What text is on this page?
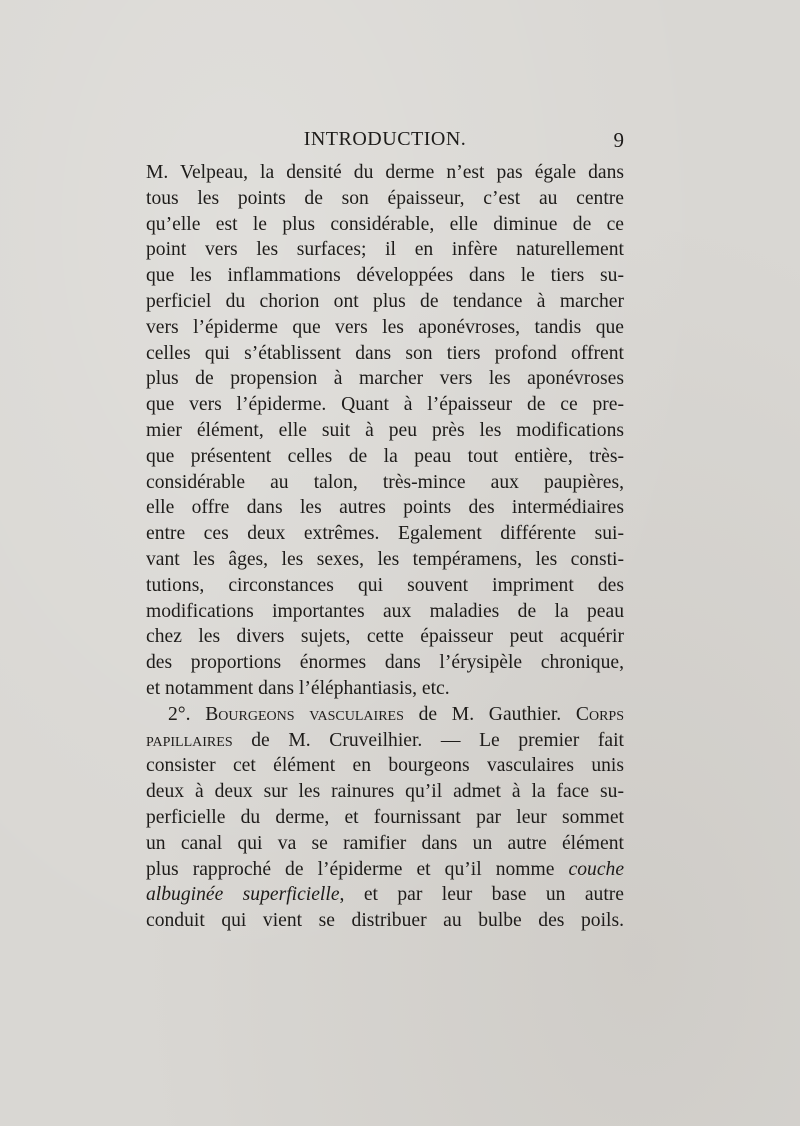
INTRODUCTION.	9
M. Velpeau, la densité du derme n’est pas égale dans
tous les points de son épaisseur, c’est au centre
qu’elle est le plus considérable, elle diminue de ce
point vers les surfaces; il en infère naturellement
que les inflammations développées dans le tiers su-
perficiel du chorion ont plus de tendance à marcher
vers l’épiderme que vers les aponévroses, tandis que
celles qui s’établissent dans son tiers profond offrent
plus de propension à marcher vers les aponévroses
que vers l’épiderme. Quant à l’épaisseur de ce pre-
mier élément, elle suit à peu près les modifications
que présentent celles de la peau tout entière, très-
considérable au talon, très-mince aux paupières,
elle offre dans les autres points des intermédiaires
entre ces deux extrêmes. Egalement différente sui-
vant les âges, les sexes, les tempéramens, les consti-
tutions, circonstances qui souvent impriment des
modifications importantes aux maladies de la peau
chez les divers sujets, cette épaisseur peut acquérir
des proportions énormes dans l’érysipèle chronique,
et notamment dans l’éléphantiasis, etc.
2°. Bourgeons vasculaires de M. Gauthier. Corps
papillaires de M. Cruveilhier. — Le premier fait
consister cet élément en bourgeons vasculaires unis
deux à deux sur les rainures qu’il admet à la face su-
perficielle du derme, et fournissant par leur sommet
un canal qui va se ramifier dans un autre élément
plus rapproché de l’épiderme et qu’il nomme couche
albuginée superficielle, et par leur base un autre
conduit qui vient se distribuer au bulbe des poils.
